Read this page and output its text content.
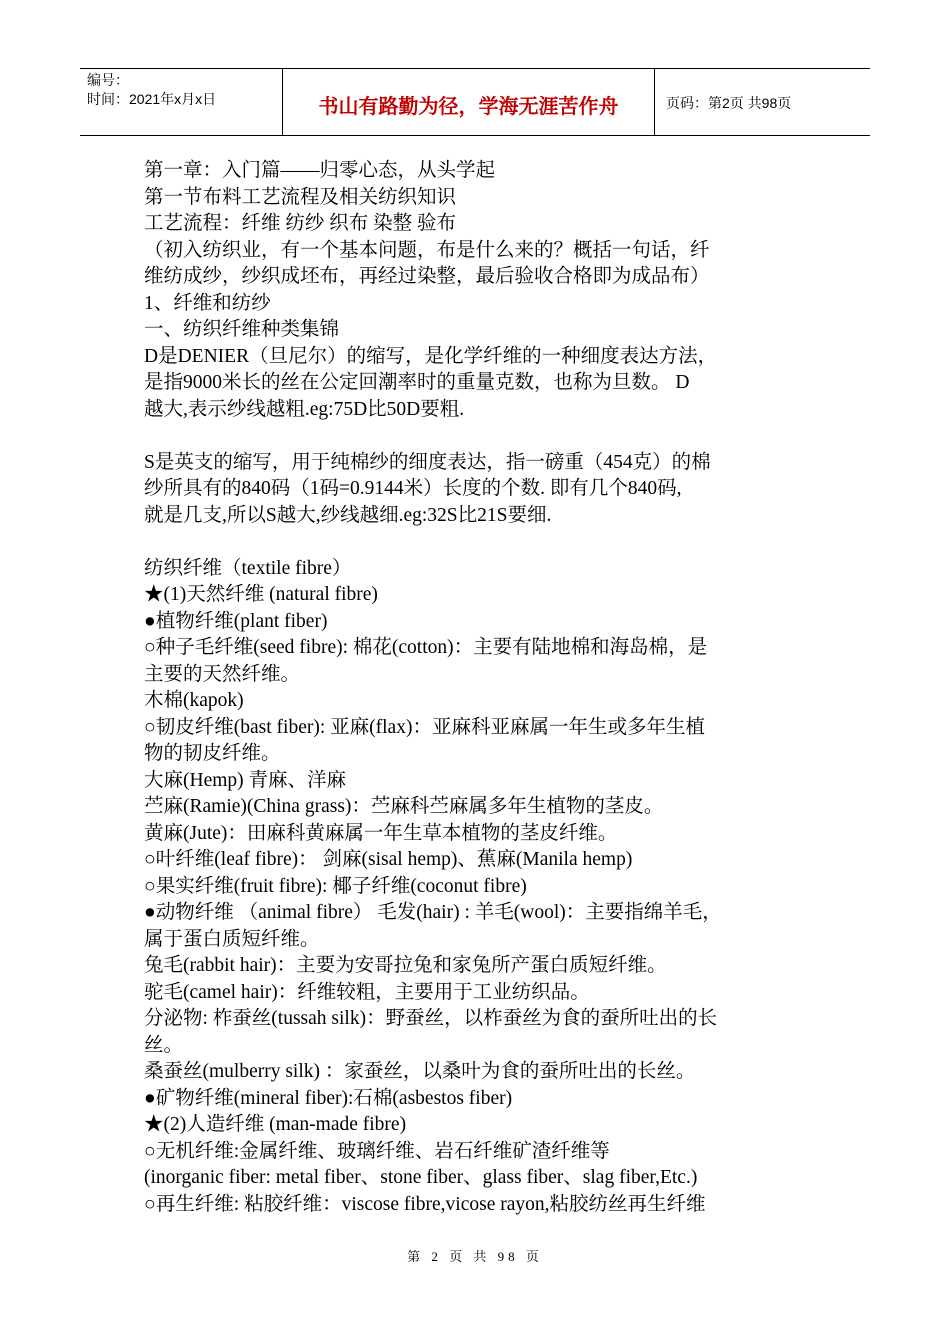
编号：
时间：2021年x月x日	书山有路勤为径，学海无涯苦作舟	页码：第2页 共98页
第一章：入门篇——归零心态，从头学起
第一节布料工艺流程及相关纺织知识
工艺流程：纤维 纺纱 织布 染整 验布
（初入纺织业，有一个基本问题，布是什么来的？概括一句话，纤
维纺成纱，纱织成坯布，再经过染整，最后验收合格即为成品布）
1、纤维和纺纱
一、纺织纤维种类集锦
D是DENIER（旦尼尔）的缩写，是化学纤维的一种细度表达方法，
是指9000米长的丝在公定回潮率时的重量克数，也称为旦数。 D
越大,表示纱线越粗.eg:75D比50D要粗.
S是英支的缩写，用于纯棉纱的细度表达，指一磅重（454克）的棉
纱所具有的840码（1码=0.9144米）长度的个数. 即有几个840码,
就是几支,所以S越大,纱线越细.eg:32S比21S要细.
纺织纤维（textile fibre）
★(1)天然纤维 (natural fibre)
●植物纤维(plant fiber)
○种子毛纤维(seed fibre): 棉花(cotton)：主要有陆地棉和海岛棉，是
主要的天然纤维。
木棉(kapok)
○韧皮纤维(bast fiber): 亚麻(flax)：亚麻科亚麻属一年生或多年生植
物的韧皮纤维。
大麻(Hemp) 青麻、洋麻
苎麻(Ramie)(China grass)：苎麻科苎麻属多年生植物的茎皮。
黄麻(Jute)：田麻科黄麻属一年生草本植物的茎皮纤维。
○叶纤维(leaf fibre)： 剑麻(sisal hemp)、蕉麻(Manila hemp)
○果实纤维(fruit fibre): 椰子纤维(coconut fibre)
●动物纤维 （animal fibre） 毛发(hair) : 羊毛(wool)：主要指绵羊毛，
属于蛋白质短纤维。
兔毛(rabbit hair)：主要为安哥拉兔和家兔所产蛋白质短纤维。
驼毛(camel hair)：纤维较粗，主要用于工业纺织品。
分泌物: 柞蚕丝(tussah silk)：野蚕丝，以柞蚕丝为食的蚕所吐出的长
丝。
桑蚕丝(mulberry silk) ：家蚕丝，以桑叶为食的蚕所吐出的长丝。
●矿物纤维(mineral fiber):石棉(asbestos fiber)
★(2)人造纤维 (man-made fibre)
○无机纤维:金属纤维、玻璃纤维、岩石纤维矿渣纤维等
(inorganic fiber: metal fiber、stone fiber、glass fiber、slag fiber,Etc.)
○再生纤维: 粘胶纤维：viscose fibre,vicose rayon,粘胶纺丝再生纤维
第 2 页 共 98 页
